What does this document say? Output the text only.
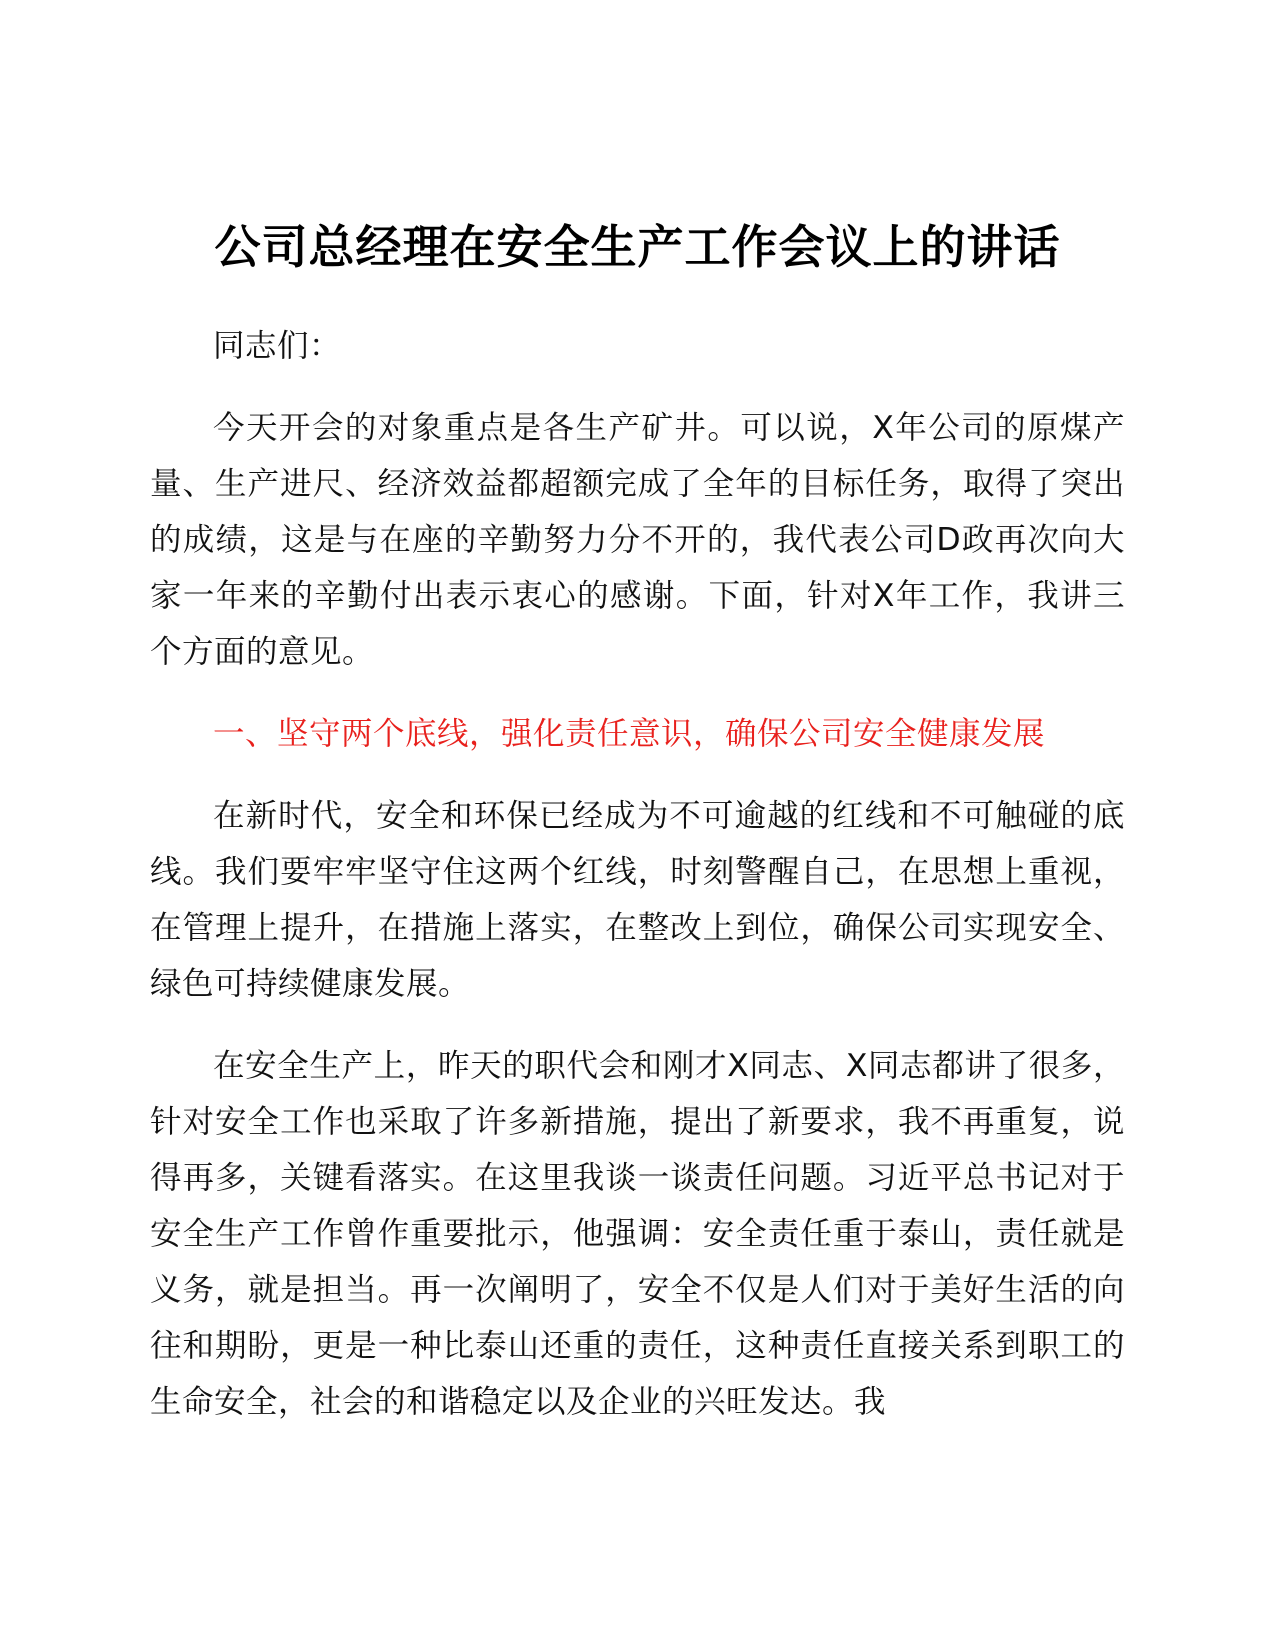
公司总经理在安全生产工作会议上的讲话

同志们：

今天开会的对象重点是各生产矿井。可以说，X年公司的原煤产量、生产进尺、经济效益都超额完成了全年的目标任务，取得了突出的成绩，这是与在座的辛勤努力分不开的，我代表公司D政再次向大家一年来的辛勤付出表示衷心的感谢。下面，针对X年工作，我讲三个方面的意见。

一、坚守两个底线，强化责任意识，确保公司安全健康发展

在新时代，安全和环保已经成为不可逾越的红线和不可触碰的底线。我们要牢牢坚守住这两个红线，时刻警醒自己，在思想上重视，在管理上提升，在措施上落实，在整改上到位，确保公司实现安全、绿色可持续健康发展。

在安全生产上，昨天的职代会和刚才X同志、X同志都讲了很多，针对安全工作也采取了许多新措施，提出了新要求，我不再重复，说得再多，关键看落实。在这里我谈一谈责任问题。习近平总书记对于安全生产工作曾作重要批示，他强调：安全责任重于泰山，责任就是义务，就是担当。再一次阐明了，安全不仅是人们对于美好生活的向往和期盼，更是一种比泰山还重的责任，这种责任直接关系到职工的生命安全，社会的和谐稳定以及企业的兴旺发达。我
